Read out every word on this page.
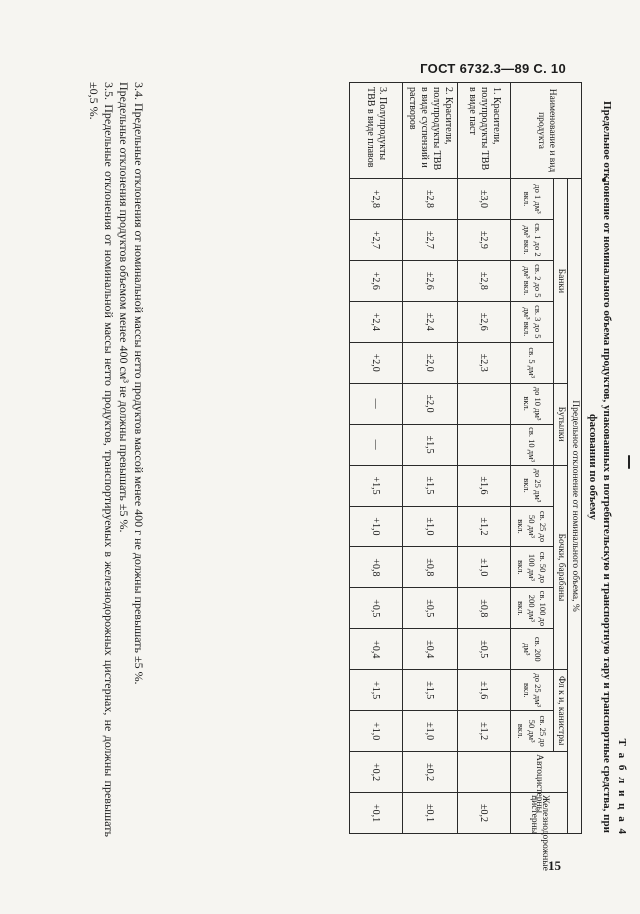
ГОСТ 6732.3—89 С. 10
15
Т а б л и ц а 4
Предельное отклонение от номинального объема продуктов, упакованных в потребительскую и транспортную тару и транспортные средства, при фасовании по объему
Наименование и вид продукта	Предельное отклонение от номинального объема, %															
	Банки					Бутылки		Бочки, барабаны					Фл к и, канистры		Автоцистерны	Железнодорожные цистерны
	до 1 дм³ вкл.	св. 1 до 2 дм³ вкл.	св. 2 до 5 дм³ вкл.	св. 3 до 5 дм³ вкл.	св. 5 дм³	до 10 дм³ вкл.	св. 10 дм³	до 25 дм³ вкл.	св. 25 до 50 дм³ вкл.	св. 50 до 100 дм³ вкл.	св. 100 до 200 дм³ вкл.	св. 200 дм³	до 25 дм³ вкл.	св. 25 до 50 дм³ вкл.		
1. Красители, полупродукты ТВВ в виде паст	±3,0	±2,9	±2,8	±2,6	±2,3			±1,6	±1,2	±1,0	±0,8	±0,5	±1,6	±1,2		±0,2
2. Красители, полупродукты ТВВ в виде суспензий и растворов	±2,8	±2,7	±2,6	±2,4	±2,0	±2,0	±1,5	±1,5	±1,0	±0,8	±0,5	±0,4	±1,5	±1,0	±0,2	±0,1
3. Полупродукты ТВВ в виде плавов	+2,8	+2,7	+2,6	+2,4	+2,0	—	—	+1,5	+1,0	+0,8	+0,5	+0,4	+1,5	+1,0	+0,2	+0,1

3.4. Предельные отклонения от номинальной массы нетто продуктов массой менее 400 г не должны превышать ±5 %.

Предельные отклонения продуктов объемом менее 400 см³ не должны превышать ±5 %.

3.5. Предельные отклонения от номинальной массы нетто продуктов, транспортируемых в железнодорожных цистернах, не должны превышать ±0,5 %.
